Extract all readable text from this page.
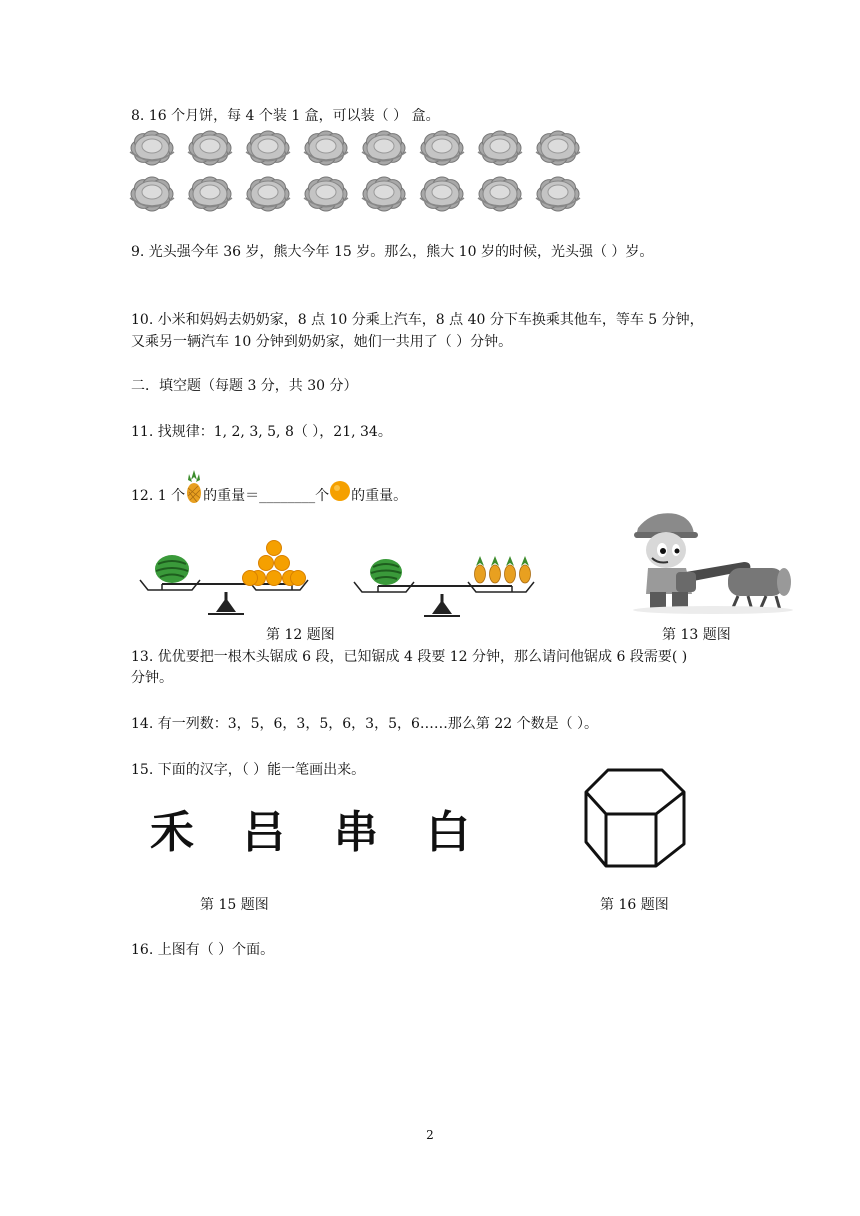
8. 16 个月饼，每 4 个装 1 盒，可以装（ ） 盒。
9. 光头强今年 36 岁，熊大今年 15 岁。那么，熊大 10 岁的时候，光头强（ ）岁。
10. 小米和妈妈去奶奶家，8 点 10 分乘上汽车，8 点 40 分下车换乘其他车，等车 5 分钟，
又乘另一辆汽车 10 分钟到奶奶家，她们一共用了（ ）分钟。
二．填空题（每题 3 分，共 30 分）
11. 找规律：1, 2, 3, 5, 8（ ），21, 34。
12. 1 个 的重量＝________个 的重量。
第 12 题图	第 13 题图
13. 优优要把一根木头锯成 6 段，已知锯成 4 段要 12 分钟，那么请问他锯成 6 段需要( )
分钟。
14. 有一列数：3，5，6，3，5，6，3，5，6……那么第 22 个数是（ ）。
15. 下面的汉字，（ ）能一笔画出来。
禾 吕 串 白
第 15 题图	第 16 题图
16. 上图有（ ）个面。
2
